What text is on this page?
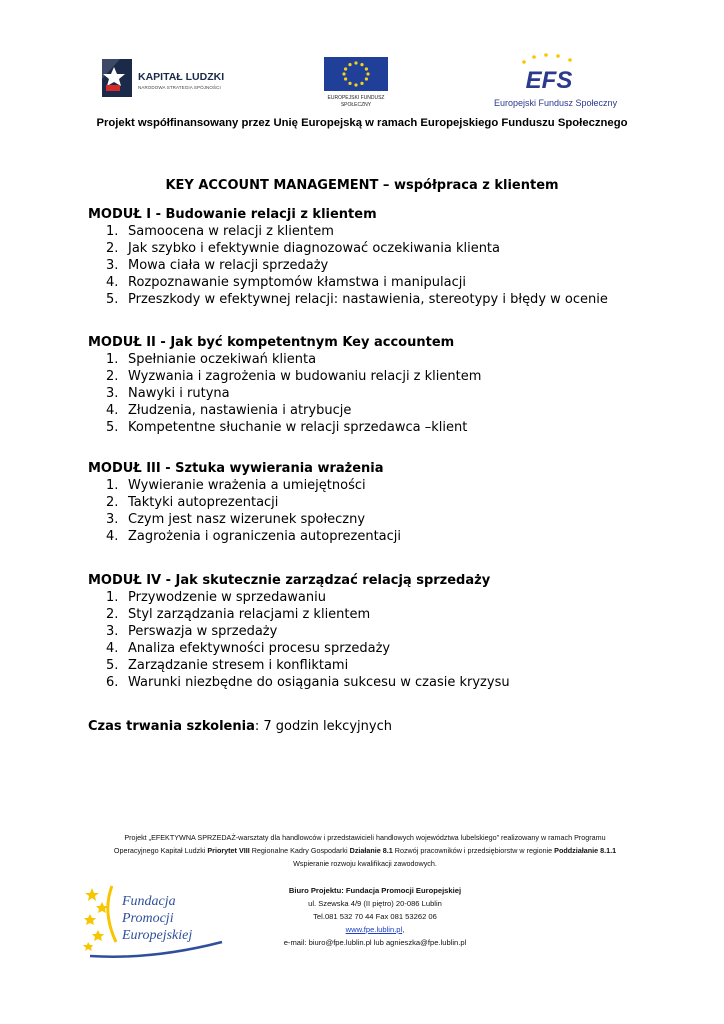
KAPITAŁ LUDZKI
NARODOWA STRATEGIA SPÓJNOŚCI
EUROPEJSKI FUNDUSZ
SPOŁECZNY
EFS
Europejski Fundusz Społeczny
Projekt współfinansowany przez Unię Europejską w ramach Europejskiego Funduszu Społecznego
KEY ACCOUNT MANAGEMENT – współpraca z klientem
MODUŁ I - Budowanie relacji z klientem
1. Samoocena w relacji z klientem
2. Jak szybko i efektywnie diagnozować oczekiwania klienta
3. Mowa ciała w relacji sprzedaży
4. Rozpoznawanie symptomów kłamstwa i manipulacji
5. Przeszkody w efektywnej relacji: nastawienia, stereotypy i błędy w ocenie
MODUŁ II - Jak być kompetentnym Key accountem
1. Spełnianie oczekiwań klienta
2. Wyzwania i zagrożenia w budowaniu relacji z klientem
3. Nawyki i rutyna
4. Złudzenia, nastawienia i atrybucje
5. Kompetentne słuchanie w relacji sprzedawca –klient
MODUŁ III - Sztuka wywierania wrażenia
1. Wywieranie wrażenia a umiejętności
2. Taktyki autoprezentacji
3. Czym jest nasz wizerunek społeczny
4. Zagrożenia i ograniczenia autoprezentacji
MODUŁ IV - Jak skutecznie zarządzać relacją sprzedaży
1. Przywodzenie w sprzedawaniu
2. Styl zarządzania relacjami z klientem
3. Perswazja w sprzedaży
4. Analiza efektywności procesu sprzedaży
5. Zarządzanie stresem i konfliktami
6. Warunki niezbędne do osiągania sukcesu w czasie kryzysu
Czas trwania szkolenia: 7 godzin lekcyjnych
Projekt „EFEKTYWNA SPRZEDAŻ-warsztaty dla handlowców i przedstawicieli handlowych województwa lubelskiego” realizowany w ramach Programu
Operacyjnego Kapitał Ludzki Priorytet VIII Regionalne Kadry Gospodarki Działanie 8.1 Rozwój pracowników i przedsiębiorstw w regionie Poddziałanie 8.1.1
Wspieranie rozwoju kwalifikacji zawodowych.
Fundacja
Promocji
Europejskiej
Biuro Projektu: Fundacja Promocji Europejskiej
ul. Szewska 4/9 (II piętro) 20-086 Lublin
Tel.081 532 70 44 Fax 081 53262 06
www.fpe.lublin.pl,
e-mail: biuro@fpe.lublin.pl lub agnieszka@fpe.lublin.pl
